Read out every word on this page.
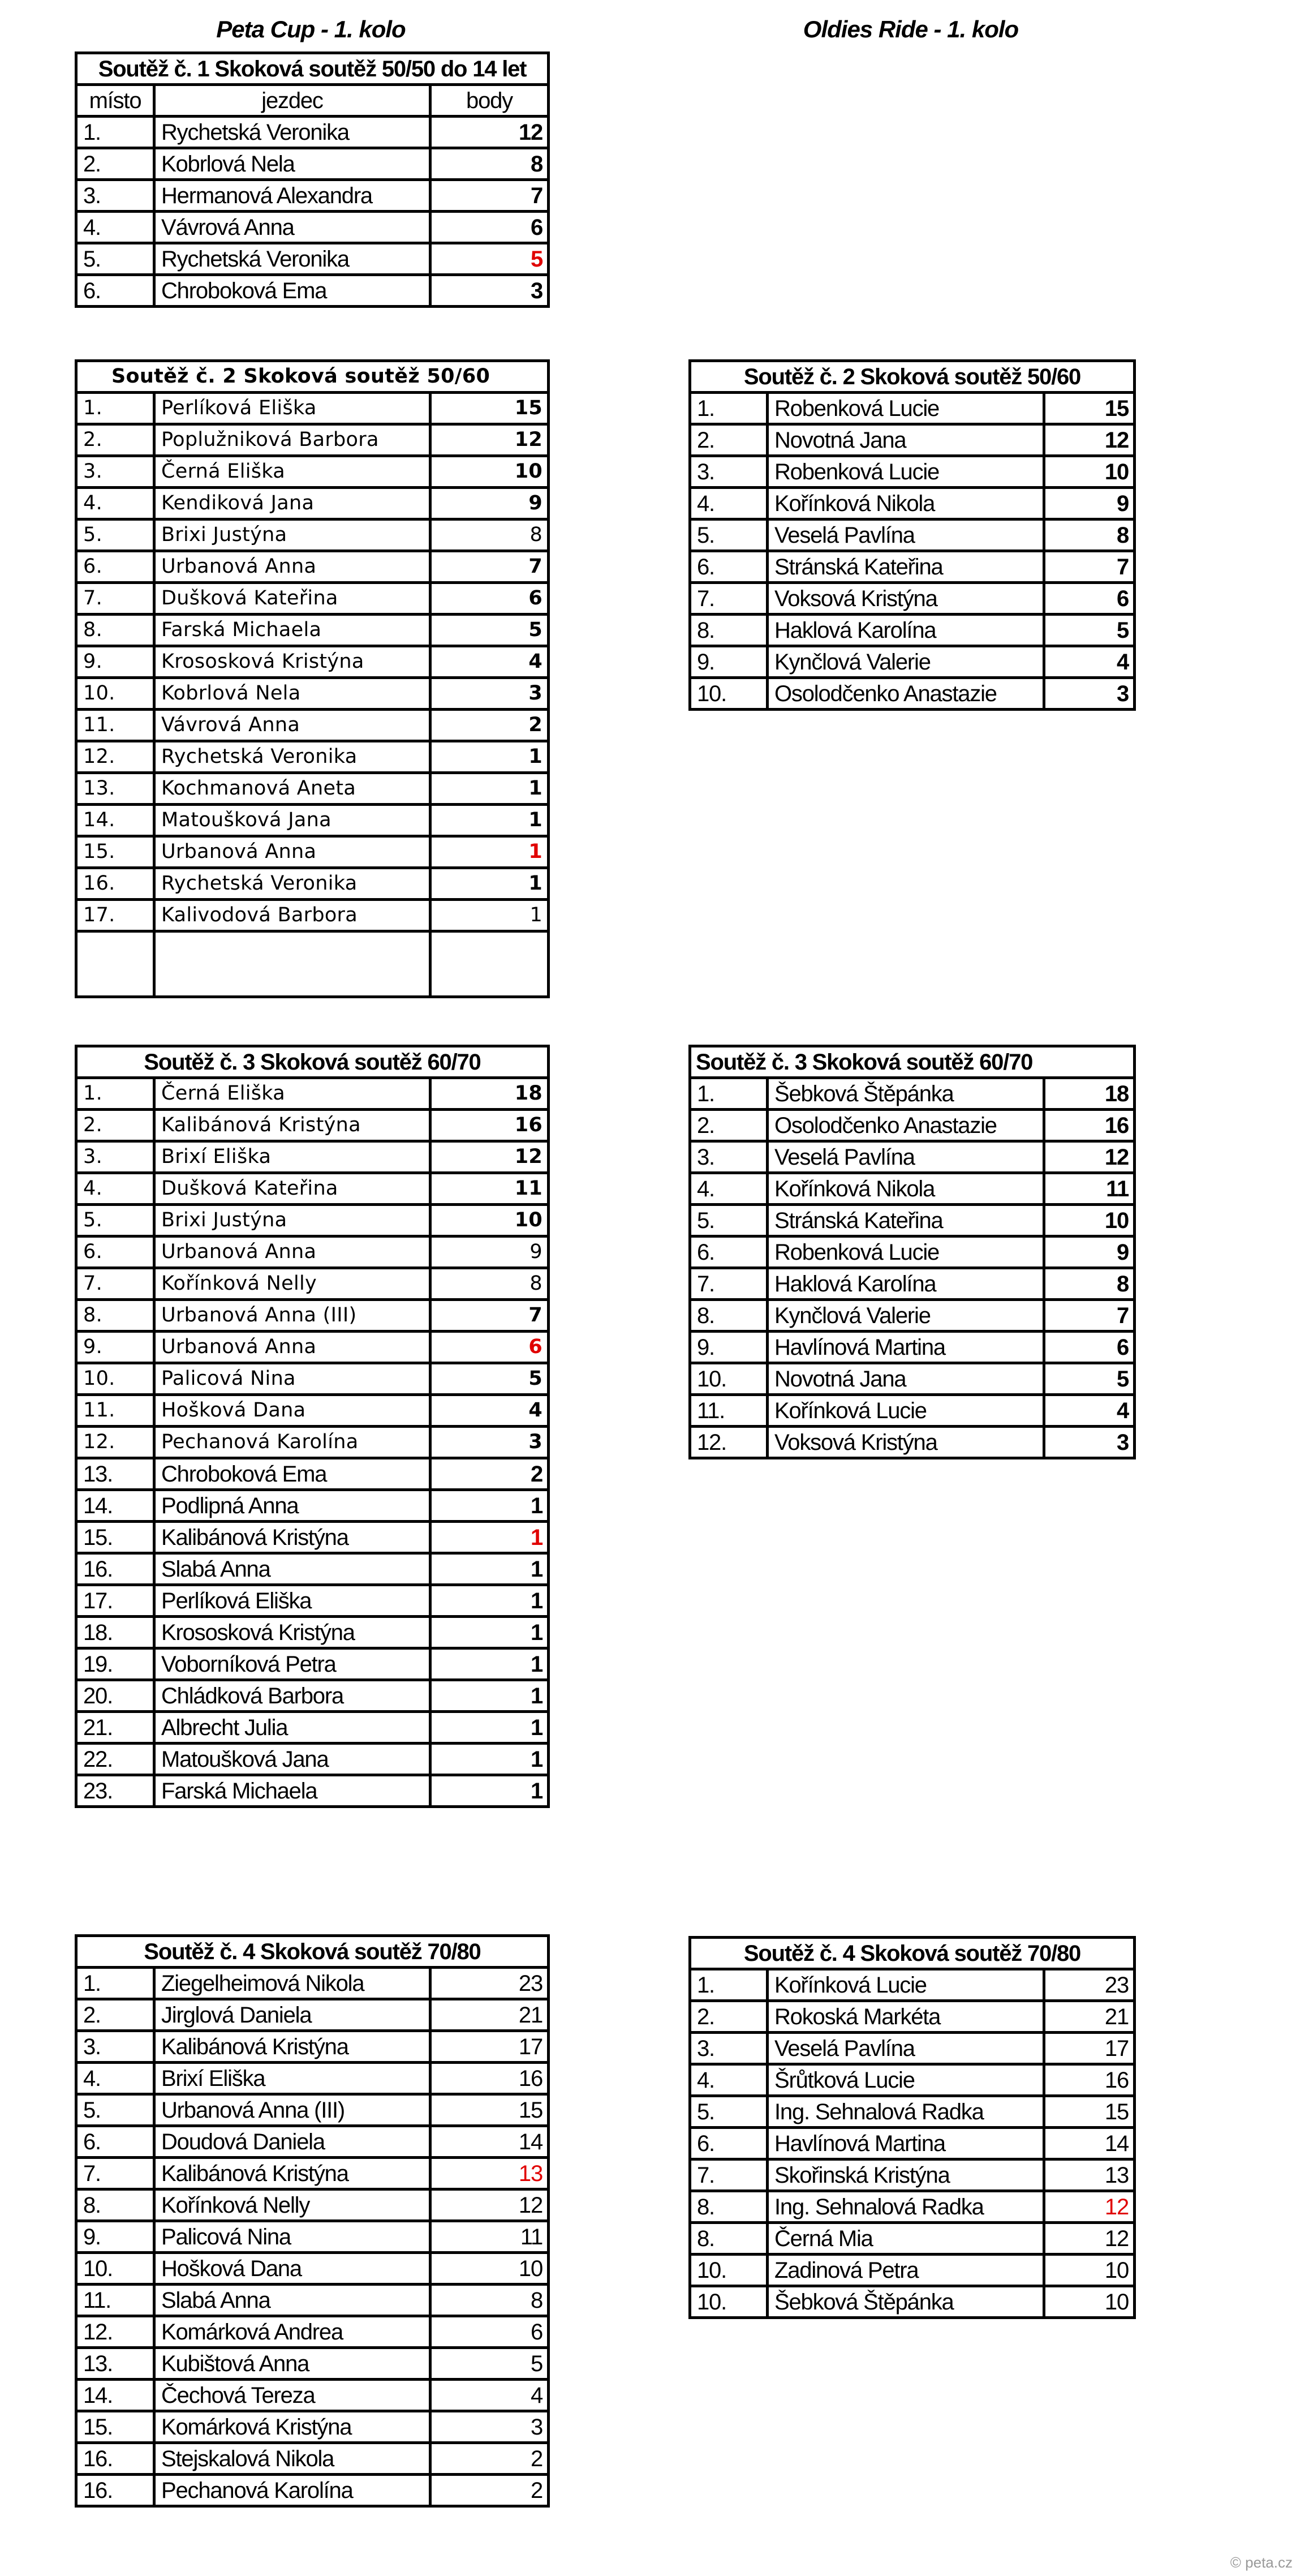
Peta Cup - 1. kolo	Oldies Ride - 1. kolo
Soutěž č. 1 Skoková soutěž 50/50 do 14 let		
místo	jezdec	body
1.	Rychetská Veronika	12
2.	Kobrlová Nela	8
3.	Hermanová Alexandra	7
4.	Vávrová Anna	6
5.	Rychetská Veronika	5
6.	Chroboková Ema	3
Soutěž č. 2 Skoková soutěž 50/60		
1.	Perlíková Eliška	15
2.	Poplužniková Barbora	12
3.	Černá Eliška	10
4.	Kendiková Jana	9
5.	Brixi Justýna	8
6.	Urbanová Anna	7
7.	Dušková Kateřina	6
8.	Farská Michaela	5
9.	Krososková Kristýna	4
10.	Kobrlová Nela	3
11.	Vávrová Anna	2
12.	Rychetská Veronika	1
13.	Kochmanová Aneta	1
14.	Matoušková Jana	1
15.	Urbanová Anna	1
16.	Rychetská Veronika	1
17.	Kalivodová Barbora	1

Soutěž č. 3 Skoková soutěž 60/70		
1.	Černá Eliška	18
2.	Kalibánová Kristýna	16
3.	Brixí Eliška	12
4.	Dušková Kateřina	11
5.	Brixi Justýna	10
6.	Urbanová Anna	9
7.	Kořínková Nelly	8
8.	Urbanová Anna (III)	7
9.	Urbanová Anna	6
10.	Palicová Nina	5
11.	Hošková Dana	4
12.	Pechanová Karolína	3
13.	Chroboková Ema	2
14.	Podlipná Anna	1
15.	Kalibánová Kristýna	1
16.	Slabá Anna	1
17.	Perlíková Eliška	1
18.	Krososková Kristýna	1
19.	Voborníková Petra	1
20.	Chládková Barbora	1
21.	Albrecht Julia	1
22.	Matoušková Jana	1
23.	Farská Michaela	1
Soutěž č. 4 Skoková soutěž 70/80		
1.	Ziegelheimová Nikola	23
2.	Jirglová Daniela	21
3.	Kalibánová Kristýna	17
4.	Brixí Eliška	16
5.	Urbanová Anna (III)	15
6.	Doudová Daniela	14
7.	Kalibánová Kristýna	13
8.	Kořínková Nelly	12
9.	Palicová Nina	11
10.	Hošková Dana	10
11.	Slabá Anna	8
12.	Komárková Andrea	6
13.	Kubištová Anna	5
14.	Čechová Tereza	4
15.	Komárková Kristýna	3
16.	Stejskalová Nikola	2
16.	Pechanová Karolína	2
Soutěž č. 2 Skoková soutěž 50/60		
1.	Robenková Lucie	15
2.	Novotná Jana	12
3.	Robenková Lucie	10
4.	Kořínková Nikola	9
5.	Veselá Pavlína	8
6.	Stránská Kateřina	7
7.	Voksová Kristýna	6
8.	Haklová Karolína	5
9.	Kynčlová Valerie	4
10.	Osolodčenko Anastazie	3
Soutěž č. 3 Skoková soutěž 60/70		
1.	Šebková Štěpánka	18
2.	Osolodčenko Anastazie	16
3.	Veselá Pavlína	12
4.	Kořínková Nikola	11
5.	Stránská Kateřina	10
6.	Robenková Lucie	9
7.	Haklová Karolína	8
8.	Kynčlová Valerie	7
9.	Havlínová Martina	6
10.	Novotná Jana	5
11.	Kořínková Lucie	4
12.	Voksová Kristýna	3
Soutěž č. 4 Skoková soutěž 70/80		
1.	Kořínková Lucie	23
2.	Rokoská Markéta	21
3.	Veselá Pavlína	17
4.	Šrůtková Lucie	16
5.	Ing. Sehnalová Radka	15
6.	Havlínová Martina	14
7.	Skořinská Kristýna	13
8.	Ing. Sehnalová Radka	12
8.	Černá Mia	12
10.	Zadinová Petra	10
10.	Šebková Štěpánka	10
© peta.cz
